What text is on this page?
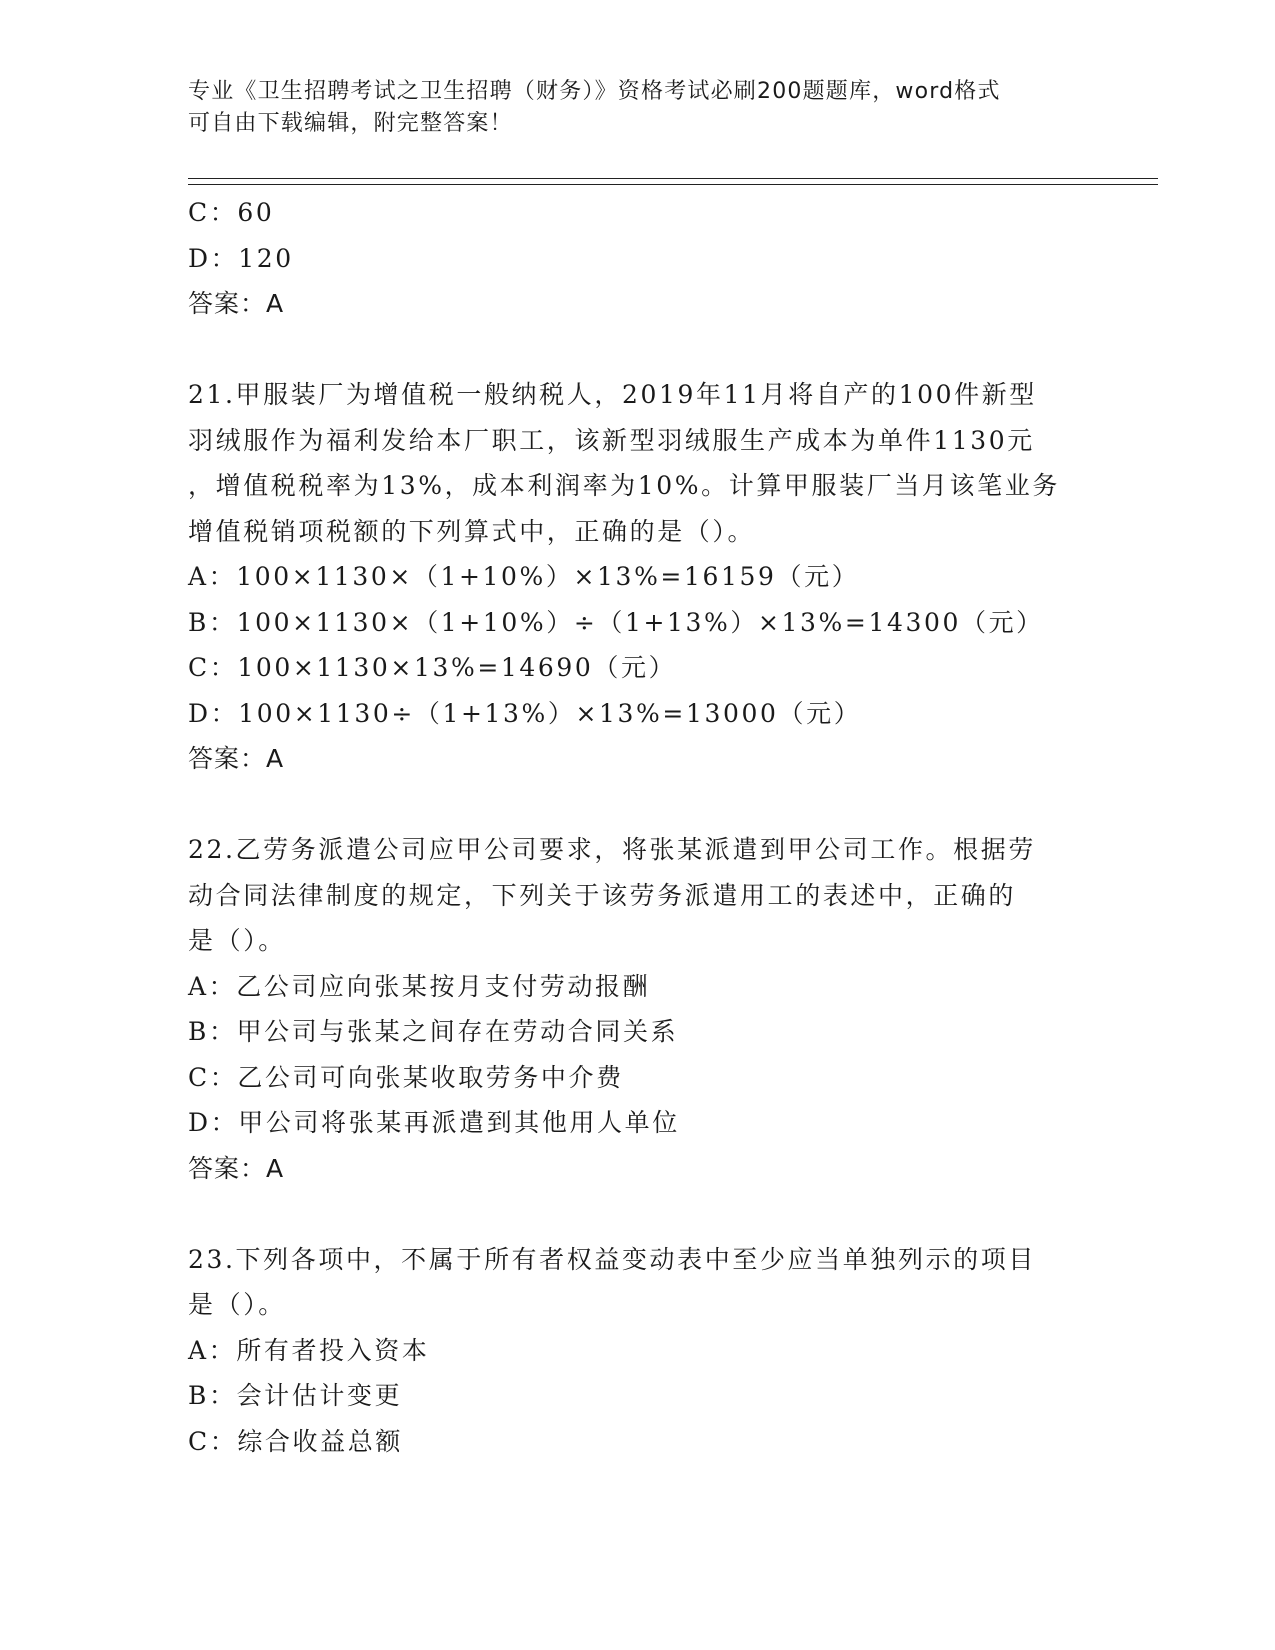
专业《卫生招聘考试之卫生招聘（财务）》资格考试必刷200题题库，word格式
可自由下载编辑，附完整答案！
C：60
D：120
答案：A
21.甲服装厂为增值税一般纳税人，2019年11月将自产的100件新型
羽绒服作为福利发给本厂职工，该新型羽绒服生产成本为单件1130元
，增值税税率为13%，成本利润率为10%。计算甲服装厂当月该笔业务
增值税销项税额的下列算式中，正确的是（）。
A：100×1130×（1+10%）×13%=16159（元）
B：100×1130×（1+10%）÷（1+13%）×13%=14300（元）
C：100×1130×13%=14690（元）
D：100×1130÷（1+13%）×13%=13000（元）
答案：A
22.乙劳务派遣公司应甲公司要求，将张某派遣到甲公司工作。根据劳
动合同法律制度的规定，下列关于该劳务派遣用工的表述中，正确的
是（）。
A：乙公司应向张某按月支付劳动报酬
B：甲公司与张某之间存在劳动合同关系
C：乙公司可向张某收取劳务中介费
D：甲公司将张某再派遣到其他用人单位
答案：A
23.下列各项中，不属于所有者权益变动表中至少应当单独列示的项目
是（）。
A：所有者投入资本
B：会计估计变更
C：综合收益总额
